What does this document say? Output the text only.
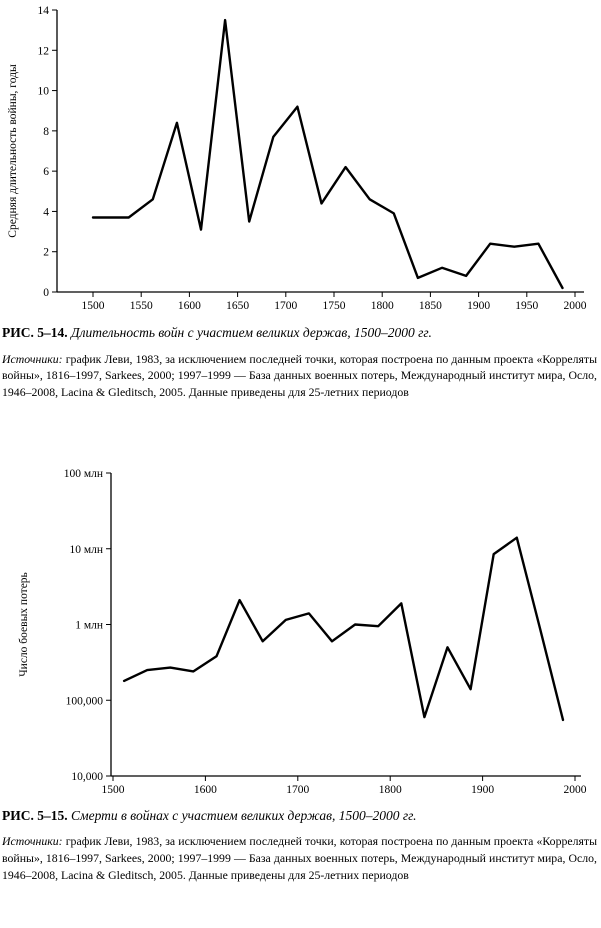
0
2
4
6
8
10
12
14
1500 1550 1600 1650 1700 1750 1800 1850 1900 1950 2000
Средняя длительность войны, годы

РИС. 5–14. Длительность войн с участием великих держав, 1500–2000 гг.

Источники: график Леви, 1983, за исключением последней точки, которая построена по данным проекта «Корреляты войны», 1816–1997, Sarkees, 2000; 1997–1999 — База данных военных потерь, Международный институт мира, Осло, 1946–2008, Lacina & Gleditsch, 2005. Данные приведены для 25-летних периодов

10,000
100,000
1 млн
10 млн
100 млн
1500	1600	1700	1800	1900	2000
Число боевых потерь

РИС. 5–15. Смерти в войнах с участием великих держав, 1500–2000 гг.

Источники: график Леви, 1983, за исключением последней точки, которая построена по данным проекта «Корреляты войны», 1816–1997, Sarkees, 2000; 1997–1999 — База данных военных потерь, Международный институт мира, Осло, 1946–2008, Lacina & Gleditsch, 2005. Данные приведены для 25-летних периодов
